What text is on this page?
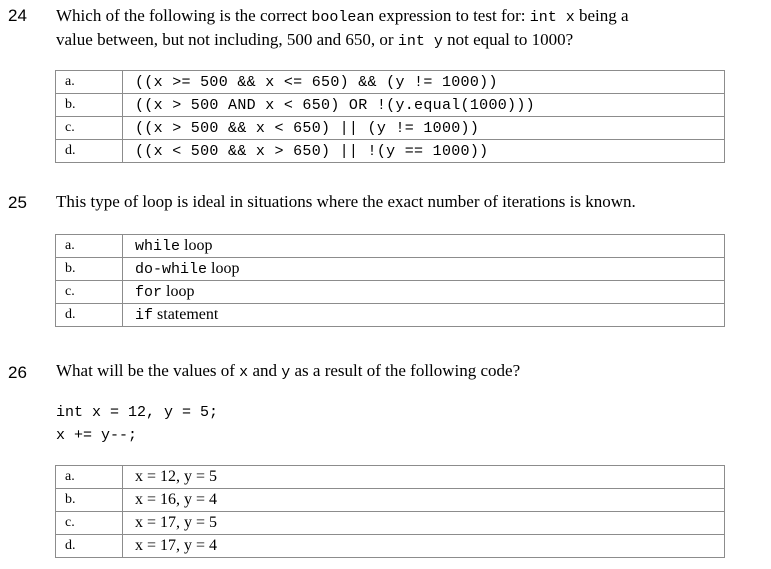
24 Which of the following is the correct boolean expression to test for: int x being a
value between, but not including, 500 and 650, or int y not equal to 1000?
a.	((x >= 500 && x <= 650) && (y != 1000))
b.	((x > 500 AND x < 650) OR !(y.equal(1000)))
c.	((x > 500 && x < 650) || (y != 1000))
d.	((x < 500 && x > 650) || !(y == 1000))
25 This type of loop is ideal in situations where the exact number of iterations is known.
a.	while loop
b.	do-while loop
c.	for loop
d.	if statement
26 What will be the values of x and y as a result of the following code?
int x = 12, y = 5;
x += y--;
a.	x = 12, y = 5
b.	x = 16, y = 4
c.	x = 17, y = 5
d.	x = 17, y = 4
